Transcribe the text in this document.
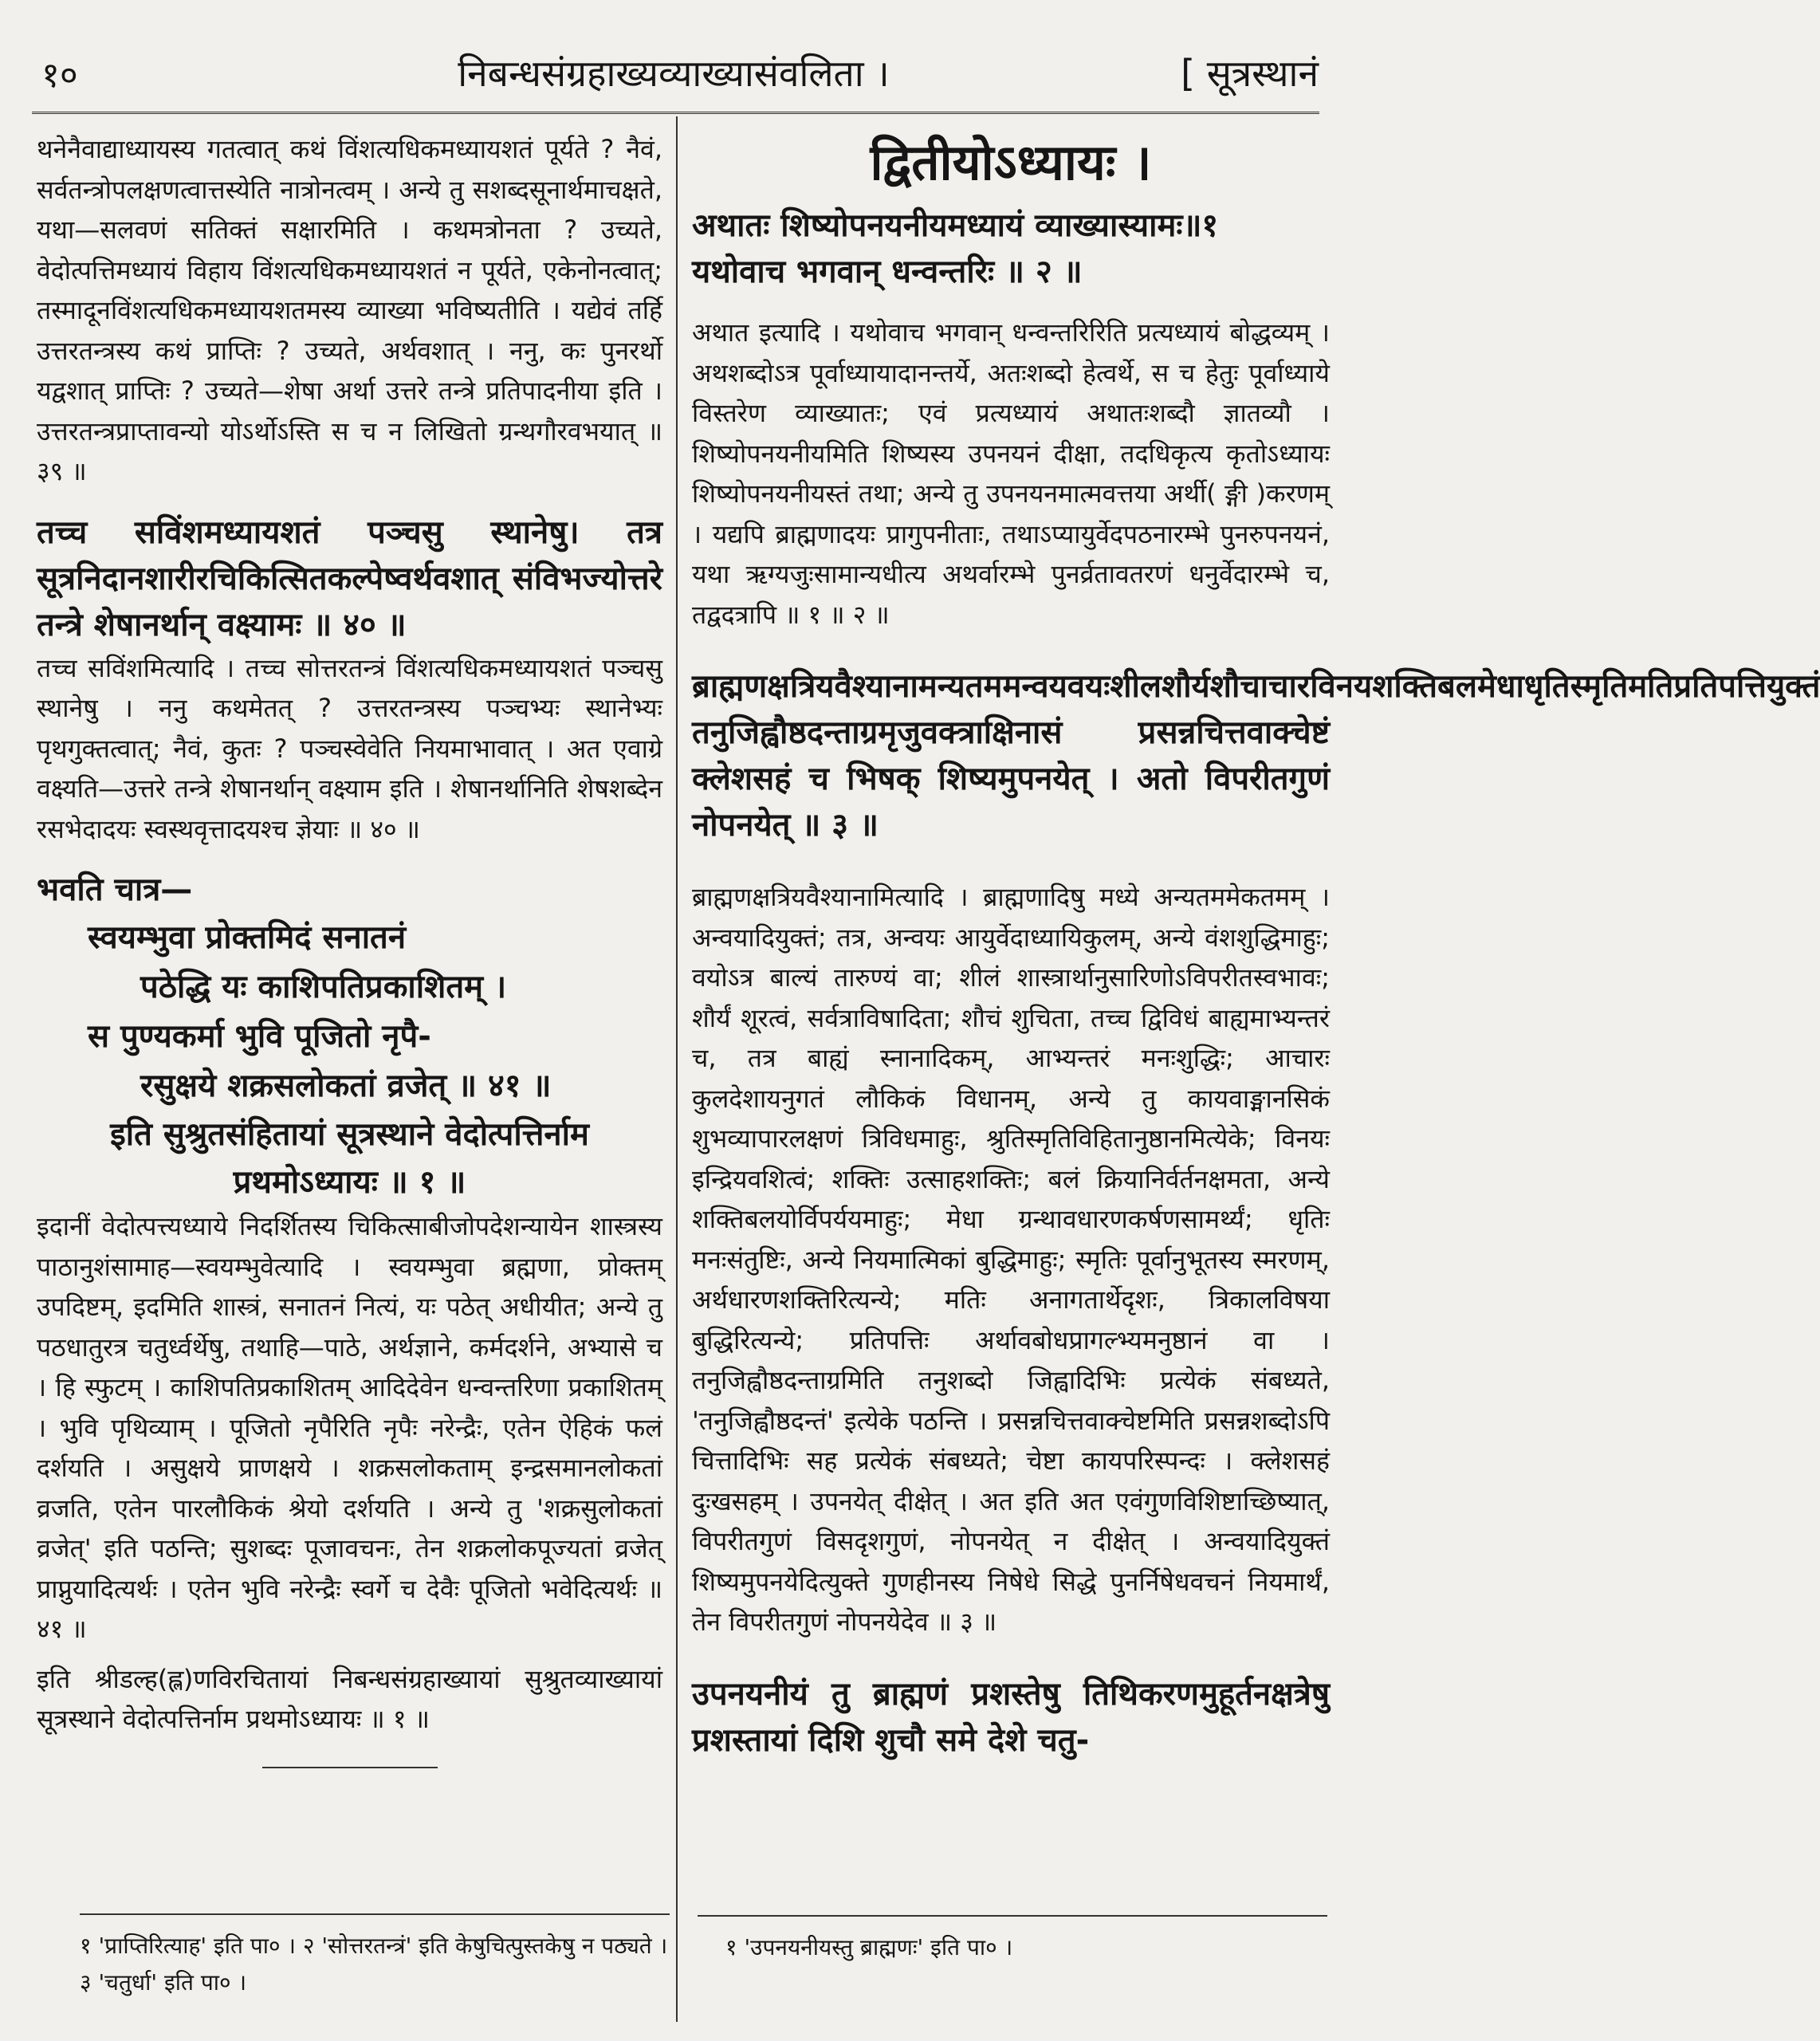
१०	निबन्धसंग्रहाख्यव्याख्यासंवलिता ।	[ सूत्रस्थानं

थनेनैवाद्याध्यायस्य गतत्वात् कथं विंशत्यधिकमध्यायशतं पूर्यते ? नैवं, सर्वतन्त्रोपलक्षणत्वात्तस्येति नात्रोनत्वम् । अन्ये तु सशब्दसूनार्थमाचक्षते, यथा—सलवणं सतिक्तं सक्षारमिति । कथमत्रोनता ? उच्यते, वेदोत्पत्तिमध्यायं विहाय विंशत्यधिकमध्यायशतं न पूर्यते, एकेनोनत्वात्; तस्मादूनविंशत्यधिकमध्यायशतमस्य व्याख्या भविष्यतीति । यद्येवं तर्हि उत्तरतन्त्रस्य कथं प्राप्तिः ? उच्यते, अर्थवशात् । ननु, कः पुनरर्थो यद्वशात् प्राप्तिः ? उच्यते—शेषा अर्था उत्तरे तन्त्रे प्रतिपादनीया इति । उत्तरतन्त्रप्राप्तावन्यो योऽर्थोऽस्ति स च न लिखितो ग्रन्थगौरवभयात् ॥ ३९ ॥

तच्च सविंशमध्यायशतं पञ्चसु स्थानेषु। तत्र सूत्रनिदानशारीरचिकित्सितकल्पेष्वर्थवशात् संविभज्योत्तरे तन्त्रे शेषानर्थान् वक्ष्यामः ॥ ४० ॥

तच्च सविंशमित्यादि । तच्च सोत्तरतन्त्रं विंशत्यधिकमध्यायशतं पञ्चसु स्थानेषु । ननु कथमेतत् ? उत्तरतन्त्रस्य पञ्चभ्यः स्थानेभ्यः पृथगुक्तत्वात्; नैवं, कुतः ? पञ्चस्वेवेति नियमाभावात् । अत एवाग्रे वक्ष्यति—उत्तरे तन्त्रे शेषानर्थान् वक्ष्याम इति । शेषानर्थानिति शेषशब्देन रसभेदादयः स्वस्थवृत्तादयश्च ज्ञेयाः ॥ ४० ॥

भवति चात्र—

स्वयम्भुवा प्रोक्तमिदं सनातनं
पठेद्धि यः काशिपतिप्रकाशितम् ।
स पुण्यकर्मा भुवि पूजितो नृपै-
रसुक्षये शक्रसलोकतां व्रजेत् ॥ ४१ ॥
इति सुश्रुतसंहितायां सूत्रस्थाने वेदोत्पत्तिर्नाम
प्रथमोऽध्यायः ॥ १ ॥

इदानीं वेदोत्पत्त्यध्याये निदर्शितस्य चिकित्साबीजोपदेशन्यायेन शास्त्रस्य पाठानुशंसामाह—स्वयम्भुवेत्यादि । स्वयम्भुवा ब्रह्मणा, प्रोक्तम् उपदिष्टम्, इदमिति शास्त्रं, सनातनं नित्यं, यः पठेत् अधीयीत; अन्ये तु पठधातुरत्र चतुर्ध्वर्थेषु, तथाहि—पाठे, अर्थज्ञाने, कर्मदर्शने, अभ्यासे च । हि स्फुटम् । काशिपतिप्रकाशितम् आदिदेवेन धन्वन्तरिणा प्रकाशितम् । भुवि पृथिव्याम् । पूजितो नृपैरिति नृपैः नरेन्द्रैः, एतेन ऐहिकं फलं दर्शयति । असुक्षये प्राणक्षये । शक्रसलोकताम् इन्द्रसमानलोकतां व्रजति, एतेन पारलौकिकं श्रेयो दर्शयति । अन्ये तु 'शक्रसुलोकतां व्रजेत्' इति पठन्ति; सुशब्दः पूजावचनः, तेन शक्रलोकपूज्यतां व्रजेत् प्राप्नुयादित्यर्थः । एतेन भुवि नरेन्द्रैः स्वर्गे च देवैः पूजितो भवेदित्यर्थः ॥ ४१ ॥

इति श्रीडल्ह(ह्ल)णविरचितायां निबन्धसंग्रहाख्यायां सुश्रुतव्याख्यायां सूत्रस्थाने वेदोत्पत्तिर्नाम प्रथमोऽध्यायः ॥ १ ॥

द्वितीयोऽध्यायः ।
अथातः शिष्योपनयनीयमध्यायं व्याख्यास्यामः॥१
यथोवाच भगवान् धन्वन्तरिः ॥ २ ॥

अथात इत्यादि । यथोवाच भगवान् धन्वन्तरिरिति प्रत्यध्यायं बोद्धव्यम् । अथशब्दोऽत्र पूर्वाध्यायादानन्तर्ये, अतःशब्दो हेत्वर्थे, स च हेतुः पूर्वाध्याये विस्तरेण व्याख्यातः; एवं प्रत्यध्यायं अथातःशब्दौ ज्ञातव्यौ । शिष्योपनयनीयमिति शिष्यस्य उपनयनं दीक्षा, तदधिकृत्य कृतोऽध्यायः शिष्योपनयनीयस्तं तथा; अन्ये तु उपनयनमात्मवत्तया अर्थी( ङ्गी )करणम् । यद्यपि ब्राह्मणादयः प्रागुपनीताः, तथाऽप्यायुर्वेदपठनारम्भे पुनरुपनयनं, यथा ऋग्यजुःसामान्यधीत्य अथर्वारम्भे पुनर्व्रतावतरणं धनुर्वेदारम्भे च, तद्वदत्रापि ॥ १ ॥ २ ॥

ब्राह्मणक्षत्रियवैश्यानामन्यतममन्वयवयःशीलशौर्यशौचाचारविनयशक्तिबलमेधाधृतिस्मृतिमतिप्रतिपत्तियुक्तं तनुजिह्वौष्ठदन्ताग्रमृजुवक्त्राक्षिनासं प्रसन्नचित्तवाक्चेष्टं क्लेशसहं च भिषक् शिष्यमुपनयेत् । अतो विपरीतगुणं नोपनयेत् ॥ ३ ॥

ब्राह्मणक्षत्रियवैश्यानामित्यादि । ब्राह्मणादिषु मध्ये अन्यतममेकतमम् । अन्वयादियुक्तं; तत्र, अन्वयः आयुर्वेदाध्यायिकुलम्, अन्ये वंशशुद्धिमाहुः; वयोऽत्र बाल्यं तारुण्यं वा; शीलं शास्त्रार्थानुसारिणोऽविपरीतस्वभावः; शौर्यं शूरत्वं, सर्वत्राविषादिता; शौचं शुचिता, तच्च द्विविधं बाह्यमाभ्यन्तरं च, तत्र बाह्यं स्नानादिकम्, आभ्यन्तरं मनःशुद्धिः; आचारः कुलदेशायनुगतं लौकिकं विधानम्, अन्ये तु कायवाङ्मानसिकं शुभव्यापारलक्षणं त्रिविधमाहुः, श्रुतिस्मृतिविहितानुष्ठानमित्येके; विनयः इन्द्रियवशित्वं; शक्तिः उत्साहशक्तिः; बलं क्रियानिर्वर्तनक्षमता, अन्ये शक्तिबलयोर्विपर्ययमाहुः; मेधा ग्रन्थावधारणकर्षणसामर्थ्यं; धृतिः मनःसंतुष्टिः, अन्ये नियमात्मिकां बुद्धिमाहुः; स्मृतिः पूर्वानुभूतस्य स्मरणम्, अर्थधारणशक्तिरित्यन्ये; मतिः अनागतार्थेदृशः, त्रिकालविषया बुद्धिरित्यन्ये; प्रतिपत्तिः अर्थावबोधप्रागल्भ्यमनुष्ठानं वा । तनुजिह्वौष्ठदन्ताग्रमिति तनुशब्दो जिह्वादिभिः प्रत्येकं संबध्यते, 'तनुजिह्वौष्ठदन्तं' इत्येके पठन्ति । प्रसन्नचित्तवाक्चेष्टमिति प्रसन्नशब्दोऽपि चित्तादिभिः सह प्रत्येकं संबध्यते; चेष्टा कायपरिस्पन्दः । क्लेशसहं दुःखसहम् । उपनयेत् दीक्षेत् । अत इति अत एवंगुणविशिष्टाच्छिष्यात्, विपरीतगुणं विसदृशगुणं, नोपनयेत् न दीक्षेत् । अन्वयादियुक्तं शिष्यमुपनयेदित्युक्ते गुणहीनस्य निषेधे सिद्धे पुनर्निषेधवचनं नियमार्थं, तेन विपरीतगुणं नोपनयेदेव ॥ ३ ॥

उपनयनीयं तु ब्राह्मणं प्रशस्तेषु तिथिकरणमुहूर्तनक्षत्रेषु प्रशस्तायां दिशि शुचौ समे देशे चतु-

१ 'प्राप्तिरित्याह' इति पा० । २ 'सोत्तरतन्त्रं' इति केषुचित्पुस्तकेषु न पठ्यते ।
३ 'चतुर्धा' इति पा० ।
१ 'उपनयनीयस्तु ब्राह्मणः' इति पा० ।
